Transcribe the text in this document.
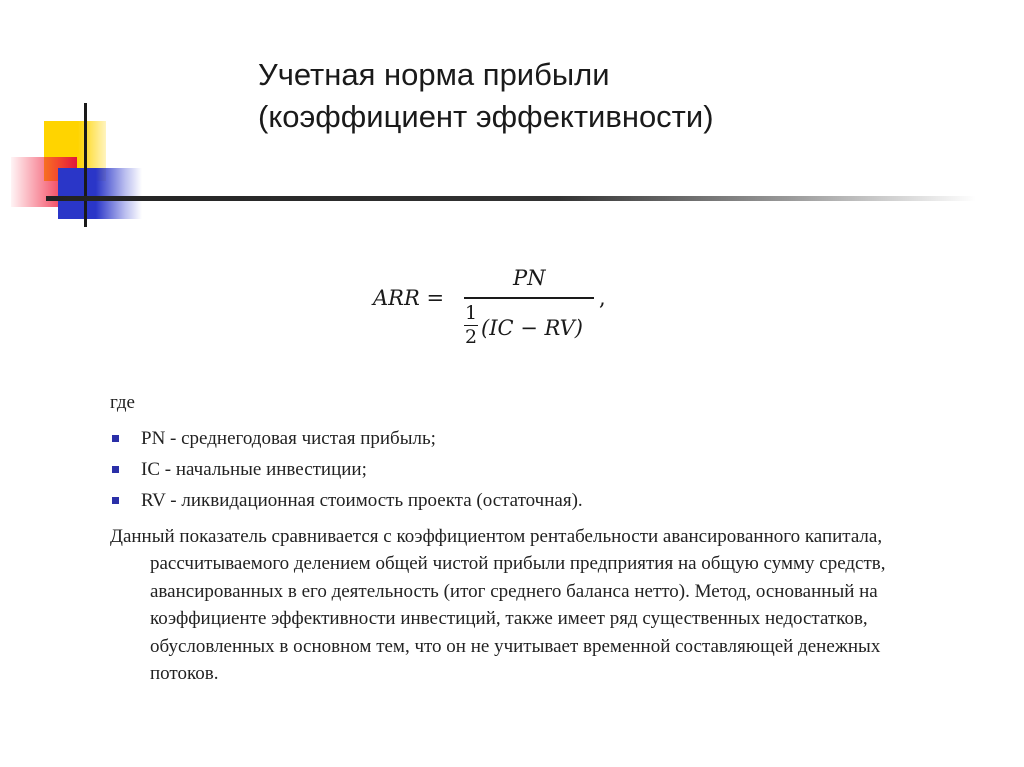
Учетная норма прибыли
(коэффициент эффективности)
ARR =
PN
,
1
2 (IC − RV)
где
PN - среднегодовая чистая прибыль;
IC - начальные инвестиции;
RV - ликвидационная стоимость проекта (остаточная).
Данный показатель сравнивается с коэффициентом рентабельности авансированного капитала, рассчитываемого делением общей чистой прибыли предприятия на общую сумму средств, авансированных в его деятельность (итог среднего баланса нетто). Метод, основанный на коэффициенте эффективности инвестиций, также имеет ряд существенных недостатков, обусловленных в основном тем, что он не учитывает временной составляющей денежных потоков.
